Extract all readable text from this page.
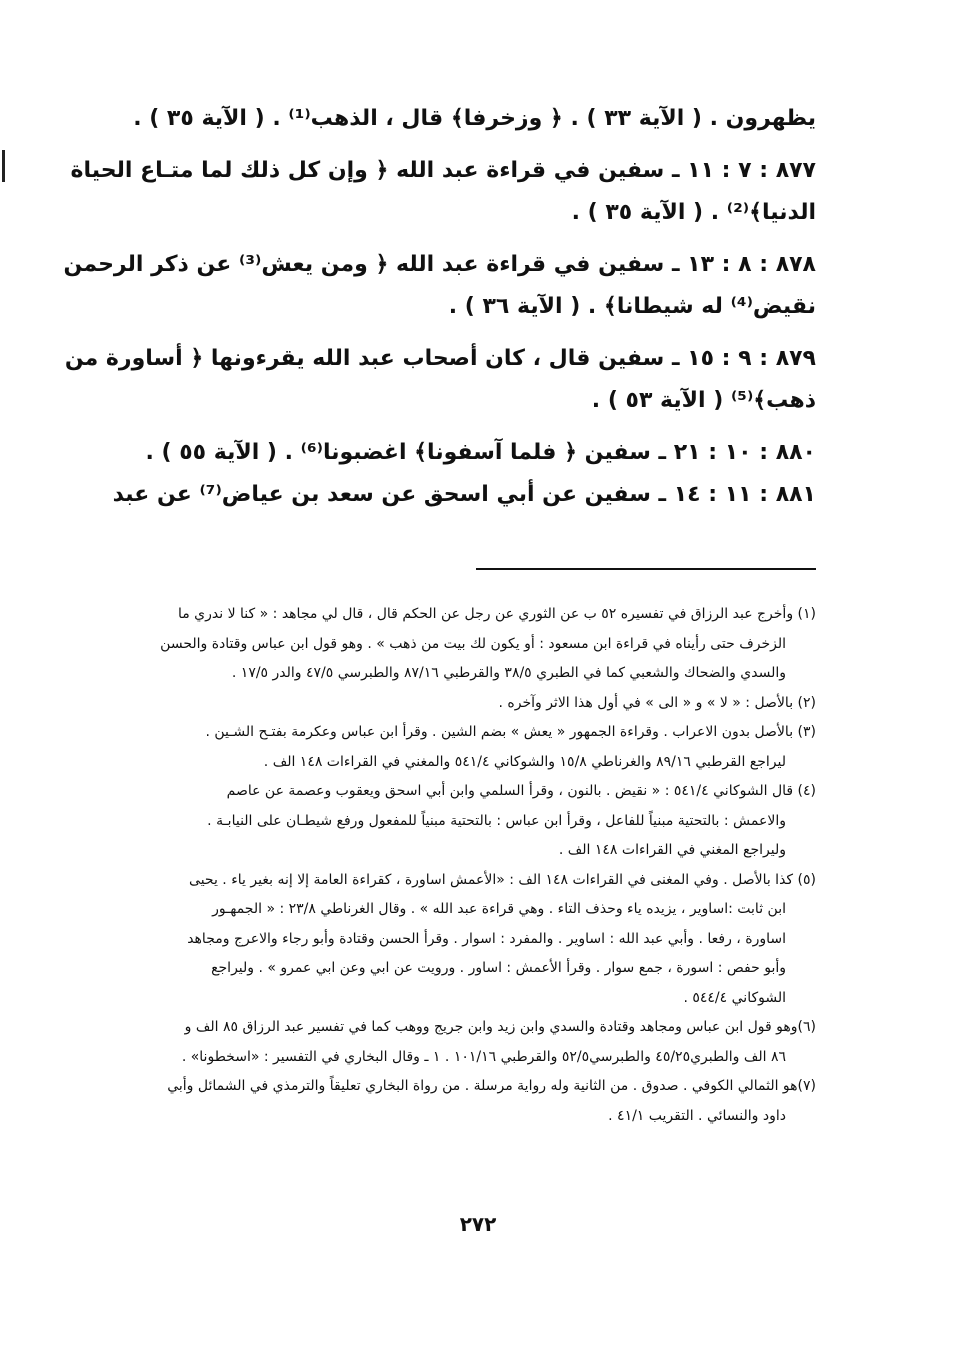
يظهرون . ( الآية ٣٣ ) . ﴿ وزخرفا﴾ قال ، الذهب⁽¹⁾ . ( الآية ٣٥ ) .
٨٧٧ : ٧ : ١١ ـ سفين في قراءة عبد الله ﴿ وإن كل ذلك لما متـاع الحياة
الدنيا﴾⁽²⁾ . ( الآية ٣٥ ) .
٨٧٨ : ٨ : ١٣ ـ سفين في قراءة عبد الله ﴿ ومن يعش⁽³⁾ عن ذكر الرحمن
نقيض⁽⁴⁾ له شيطانا﴾ . ( الآية ٣٦ ) .
٨٧٩ : ٩ : ١٥ ـ سفين قال ، كان أصحاب عبد الله يقرءونها ﴿ أساورة من
ذهب﴾⁽⁵⁾ ( الآية ٥٣ ) .
٨٨٠ : ١٠ : ٢١ ـ سفين ﴿ فلما آسفونا﴾ اغضبونا⁽⁶⁾ . ( الآية ٥٥ ) .
٨٨١ : ١١ : ١٤ ـ سفين عن أبي اسحق عن سعد بن عياض⁽⁷⁾ عن عبد
(١) وأخرج عبد الرزاق في تفسيره ٥٢ ب عن الثوري عن رجل عن الحكم قال ، قال لي مجاهد : « كنا لا ندري ما
الزخرف حتى رأيناه في قراءة ابن مسعود : أو يكون لك بيت من ذهب » . وهو قول ابن عباس وقتادة والحسن
والسدي والضحاك والشعبي كما في الطبري ٣٨/٥ والقرطبي ٨٧/١٦ والطبرسي ٤٧/٥ والدر ١٧/٥ .
(٢) بالأصل : « لا » و « الى » في أول هذا الاثر وآخره .
(٣) بالأصل بدون الاعراب . وقراءة الجمهور « يعش » بضم الشين . وقرأ ابن عباس وعكرمة بفتـح الشـين .
ليراجع القرطبي ٨٩/١٦ والغرناطي ١٥/٨ والشوكاني ٥٤١/٤ والمغني في القراءات ١٤٨ الف .
(٤) قال الشوكاني ٥٤١/٤ : « نقيض . بالنون ، وقرأ السلمي وابن أبي اسحق ويعقوب وعصمة عن عاصم
والاعمش : بالتحتية مبنياً للفاعل ، وقرأ ابن عباس : بالتحتية مبنياً للمفعول ورفع شيطـان على النيابـة .
وليراجع المغني في القراءات ١٤٨ الف .
(٥) كذا بالأصل . وفي المغنى في القراءات ١٤٨ الف : «الأعمش اساورة ، كقراءة العامة إلا إنه بغير ياء . يحيى
ابن ثابت :اساوير ، يزيده ياء وحذف التاء . وهي قراءة عبد الله » . وقال الغرناطي ٢٣/٨ : « الجمهـور
اساورة ، رفعا . وأبي عبد الله : اساوير . والمفرد : اسوار . وقرأ الحسن وقتادة وأبو رجاء والاعرج ومجاهد
وأبو حفص : اسورة ، جمع سوار . وقرأ الأعمش : اساور . ورويت عن ابي وعن ابي عمرو » . وليراجع
الشوكاني ٥٤٤/٤ .
(٦)وهو قول ابن عباس ومجاهد وقتادة والسدي وابن زيد وابن جريج ووهب كما في تفسير عبد الرزاق ٨٥ الف و
٨٦ الف والطبري٤٥/٢٥ والطبرسي٥٢/٥ والقرطبي ١٠١/١٦ . ١ ـ وقال البخاري في التفسير : «اسخطونا» .
(٧)هو الثمالي الكوفي . صدوق . من الثانية وله رواية مرسلة . من رواة البخاري تعليقاً والترمذي في الشمائل وأبي
داود والنسائي . التقريب ٤١/١ .
٢٧٢
